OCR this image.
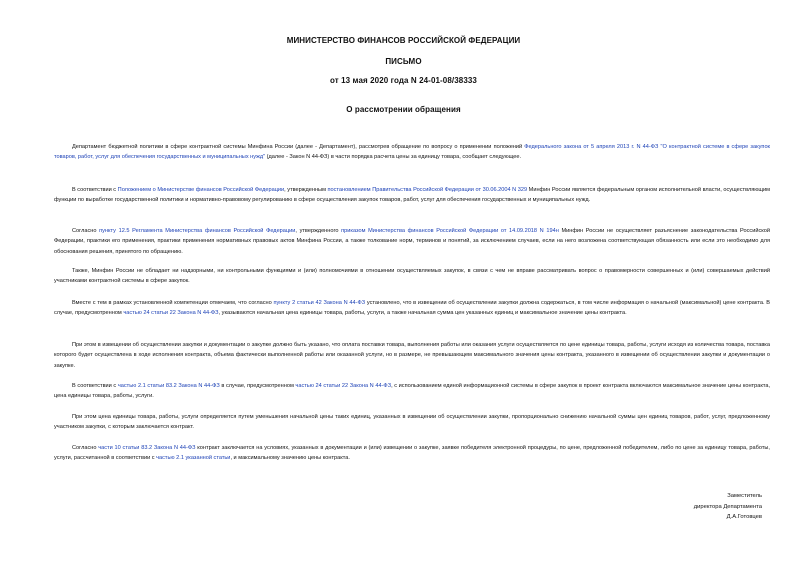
МИНИСТЕРСТВО ФИНАНСОВ РОССИЙСКОЙ ФЕДЕРАЦИИ
ПИСЬМО
от 13 мая 2020 года N 24-01-08/38333
О рассмотрении обращения
Департамент бюджетной политики в сфере контрактной системы Минфина России (далее - Департамент), рассмотрев обращение по вопросу о применении положений Федерального закона от 5 апреля 2013 г. N 44-ФЗ "О контрактной системе в сфере закупок товаров, работ, услуг для обеспечения государственных и муниципальных нужд" (далее - Закон N 44-ФЗ) в части порядка расчета цены за единицу товара, сообщает следующее.
В соответствии с Положением о Министерстве финансов Российской Федерации, утвержденным постановлением Правительства Российской Федерации от 30.06.2004 N 329 Минфин России является федеральным органом исполнительной власти, осуществляющим функции по выработке государственной политики и нормативно-правовому регулированию в сфере осуществления закупок товаров, работ, услуг для обеспечения государственных и муниципальных нужд.
Согласно пункту 12.5 Регламента Министерства финансов Российской Федерации, утвержденного приказом Министерства финансов Российской Федерации от 14.09.2018 N 194н Минфин России не осуществляет разъяснение законодательства Российской Федерации, практики его применения, практики применения нормативных правовых актов Минфина России, а также толкование норм, терминов и понятий, за исключением случаев, если на него возложена соответствующая обязанность или если это необходимо для обоснования решения, принятого по обращению.
Также, Минфин России не обладает ни надзорными, ни контрольными функциями и (или) полномочиями в отношении осуществляемых закупок, в связи с чем не вправе рассматривать вопрос о правомерности совершенных и (или) совершаемых действий участниками контрактной системы в сфере закупок.
Вместе с тем в рамках установленной компетенции отмечаем, что согласно пункту 2 статьи 42 Закона N 44-ФЗ установлено, что в извещении об осуществлении закупки должна содержаться, в том числе информация о начальной (максимальной) цене контракта. В случае, предусмотренном частью 24 статьи 22 Закона N 44-ФЗ, указываются начальная цена единицы товара, работы, услуги, а также начальная сумма цен указанных единиц и максимальное значение цены контракта.
При этом в извещении об осуществлении закупки и документации о закупке должно быть указано, что оплата поставки товара, выполнения работы или оказания услуги осуществляется по цене единицы товара, работы, услуги исходя из количества товара, поставка которого будет осуществлена в ходе исполнения контракта, объема фактически выполненной работы или оказанной услуги, но в размере, не превышающем максимального значения цены контракта, указанного в извещении об осуществлении закупки и документации о закупке.
В соответствии с частью 2.1 статьи 83.2 Закона N 44-ФЗ в случае, предусмотренном частью 24 статьи 22 Закона N 44-ФЗ, с использованием единой информационной системы в сфере закупок в проект контракта включаются максимальное значение цены контракта, цена единицы товара, работы, услуги.
При этом цена единицы товара, работы, услуги определяется путем уменьшения начальной цены таких единиц, указанных в извещении об осуществлении закупки, пропорционально снижению начальной суммы цен единиц товаров, работ, услуг, предложенному участником закупки, с которым заключается контракт.
Согласно части 10 статьи 83.2 Закона N 44-ФЗ контракт заключается на условиях, указанных в документации и (или) извещении о закупке, заявке победителя электронной процедуры, по цене, предложенной победителем, либо по цене за единицу товара, работы, услуги, рассчитанной в соответствии с частью 2.1 указанной статьи, и максимальному значению цены контракта.
Заместитель
директора Департамента
Д.А.Готовцев
